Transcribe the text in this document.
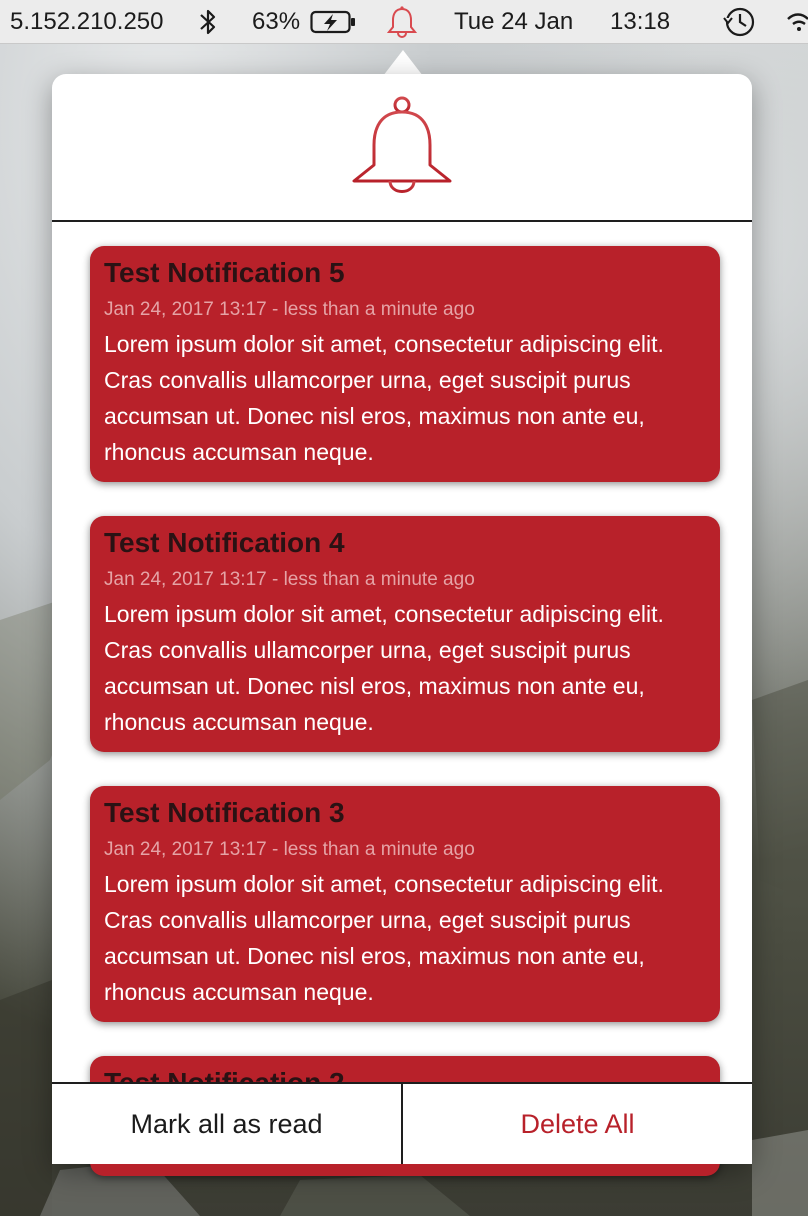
5.152.210.250	63%	Tue 24 Jan 13:18
Test Notification 5
Jan 24, 2017 13:17 - less than a minute ago
Lorem ipsum dolor sit amet, consectetur adipiscing elit. Cras convallis ullamcorper urna, eget suscipit purus accumsan ut. Donec nisl eros, maximus non ante eu, rhoncus accumsan neque.
Test Notification 4
Jan 24, 2017 13:17 - less than a minute ago
Lorem ipsum dolor sit amet, consectetur adipiscing elit. Cras convallis ullamcorper urna, eget suscipit purus accumsan ut. Donec nisl eros, maximus non ante eu, rhoncus accumsan neque.
Test Notification 3
Jan 24, 2017 13:17 - less than a minute ago
Lorem ipsum dolor sit amet, consectetur adipiscing elit. Cras convallis ullamcorper urna, eget suscipit purus accumsan ut. Donec nisl eros, maximus non ante eu, rhoncus accumsan neque.
Mark all as read	Delete All
